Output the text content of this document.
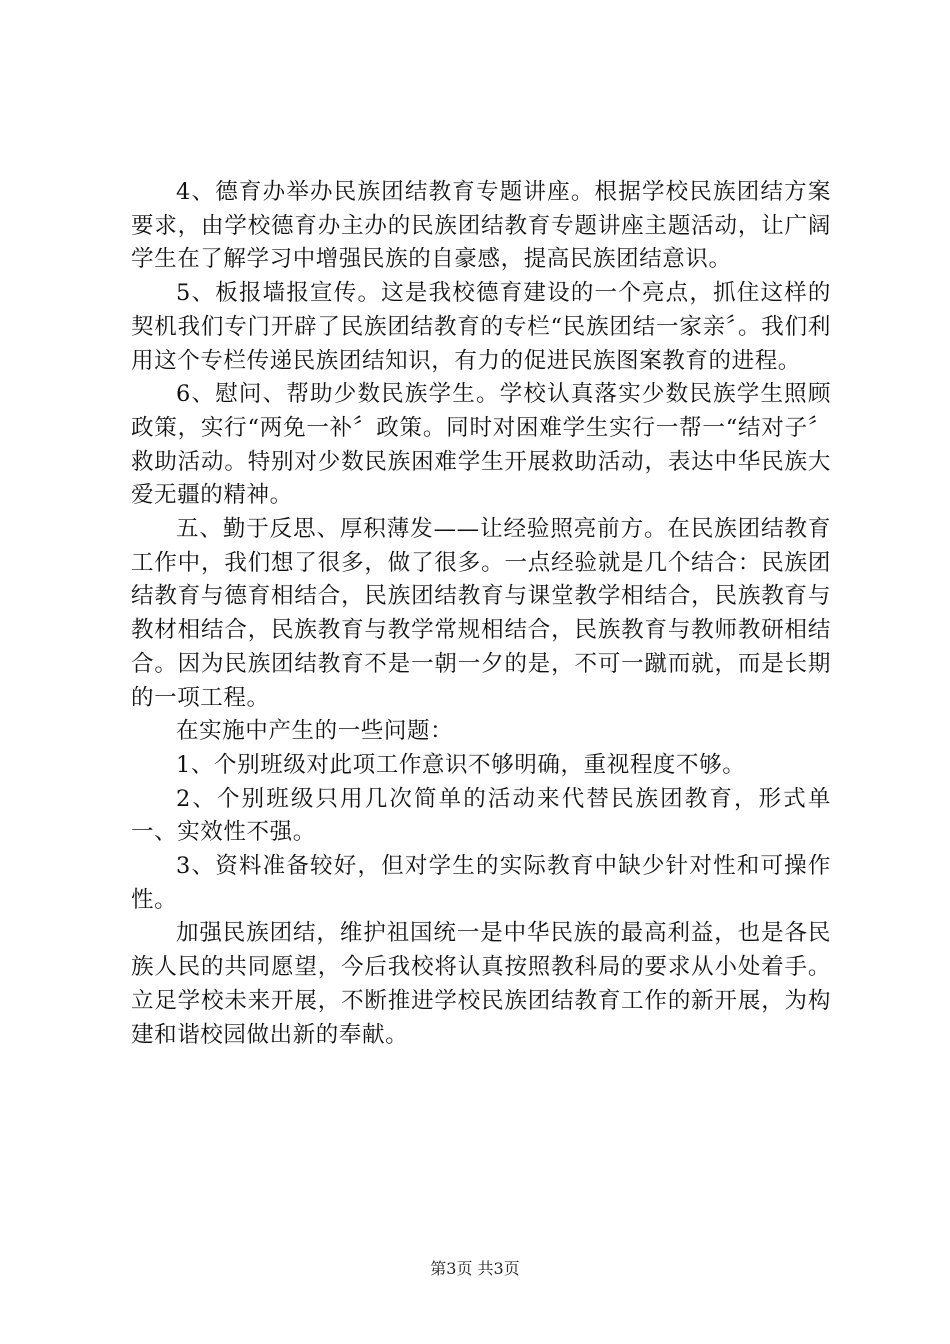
4、德育办举办民族团结教育专题讲座。根据学校民族团结方案要求，由学校德育办主办的民族团结教育专题讲座主题活动，让广阔学生在了解学习中增强民族的自豪感，提高民族团结意识。

5、板报墙报宣传。这是我校德育建设的一个亮点，抓住这样的契机我们专门开辟了民族团结教育的专栏“民族团结一家亲〞。我们利用这个专栏传递民族团结知识，有力的促进民族图案教育的进程。

6、慰问、帮助少数民族学生。学校认真落实少数民族学生照顾政策，实行“两免一补〞政策。同时对困难学生实行一帮一“结对子〞救助活动。特别对少数民族困难学生开展救助活动，表达中华民族大爱无疆的精神。

五、勤于反思、厚积薄发——让经验照亮前方。在民族团结教育工作中，我们想了很多，做了很多。一点经验就是几个结合：民族团结教育与德育相结合，民族团结教育与课堂教学相结合，民族教育与教材相结合，民族教育与教学常规相结合，民族教育与教师教研相结合。因为民族团结教育不是一朝一夕的是，不可一蹴而就，而是长期的一项工程。

在实施中产生的一些问题：

1、个别班级对此项工作意识不够明确，重视程度不够。

2、个别班级只用几次简单的活动来代替民族团教育，形式单一、实效性不强。

3、资料准备较好，但对学生的实际教育中缺少针对性和可操作性。

加强民族团结，维护祖国统一是中华民族的最高利益，也是各民族人民的共同愿望，今后我校将认真按照教科局的要求从小处着手。立足学校未来开展，不断推进学校民族团结教育工作的新开展，为构建和谐校园做出新的奉献。

第3页 共3页
